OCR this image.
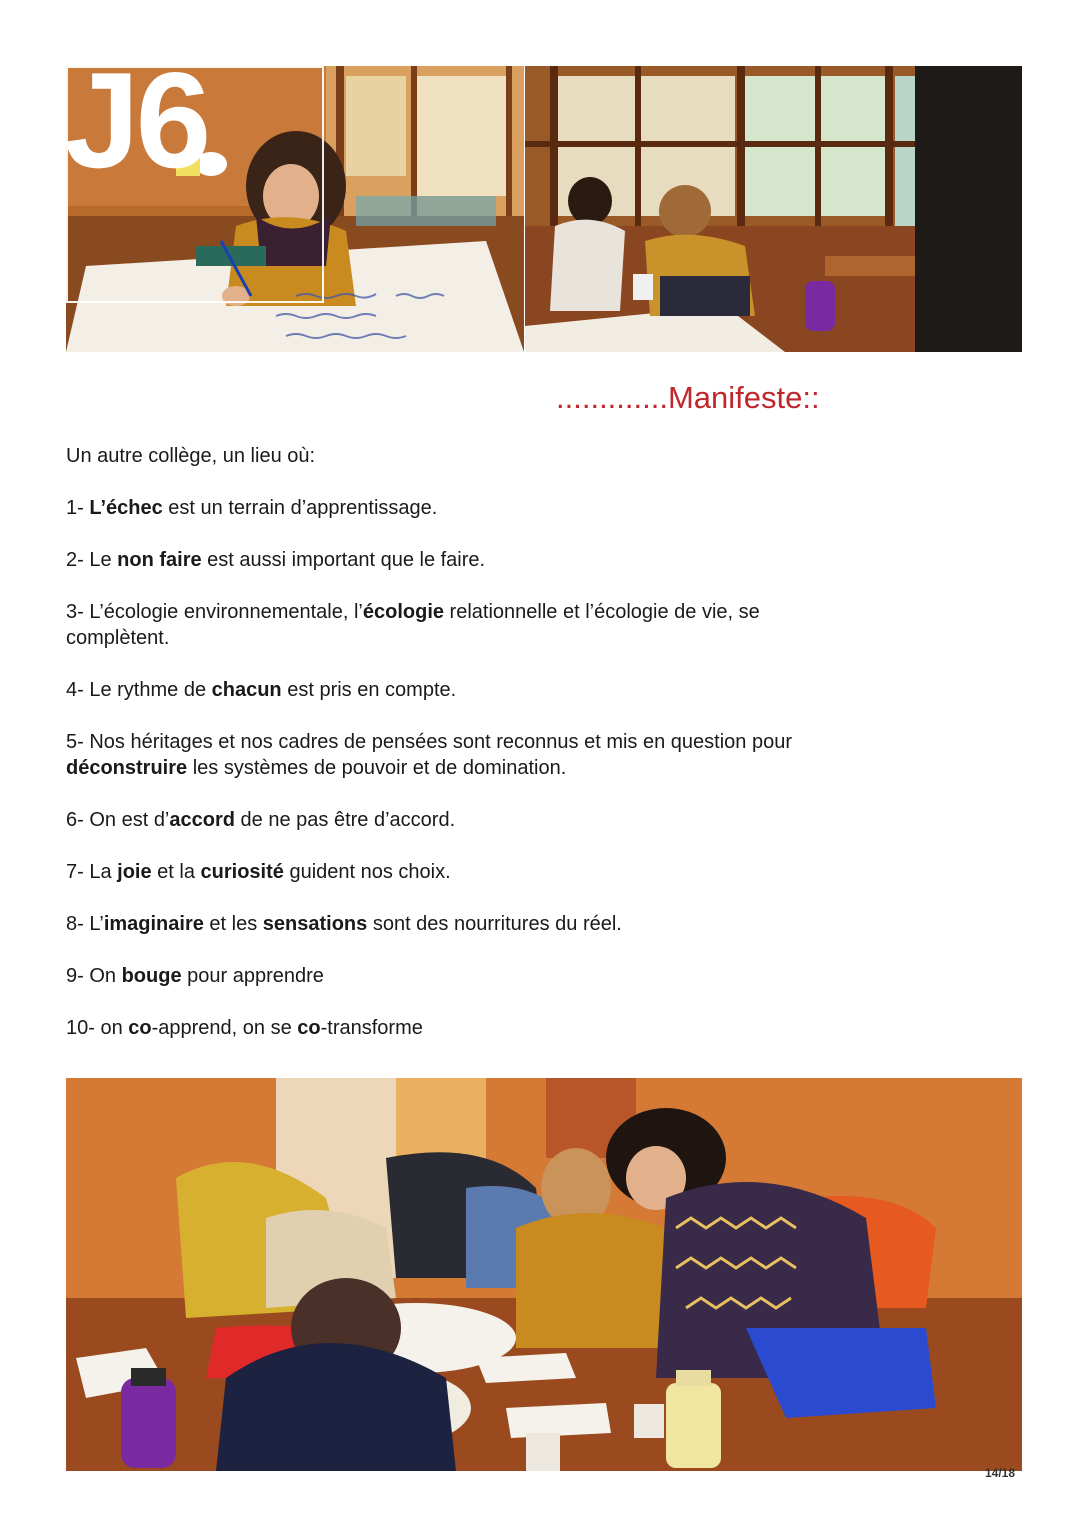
J6
.............Manifeste::

Un autre collège, un lieu où:

1- L’échec est un terrain d’apprentissage.

2- Le non faire est aussi important que le faire.

3- L’écologie environnementale, l’écologie relationnelle et l’écologie de vie, se complètent.

4- Le rythme de chacun est pris en compte.

5- Nos héritages et nos cadres de pensées sont reconnus et mis en question pour déconstruire les systèmes de pouvoir et de domination.

6- On est d’accord de ne pas être d’accord.

7- La joie et la curiosité guident nos choix.

8- L’imaginaire et les sensations sont des nourritures du réel.

9- On bouge pour apprendre

10- on co-apprend, on se co-transforme

14/18
